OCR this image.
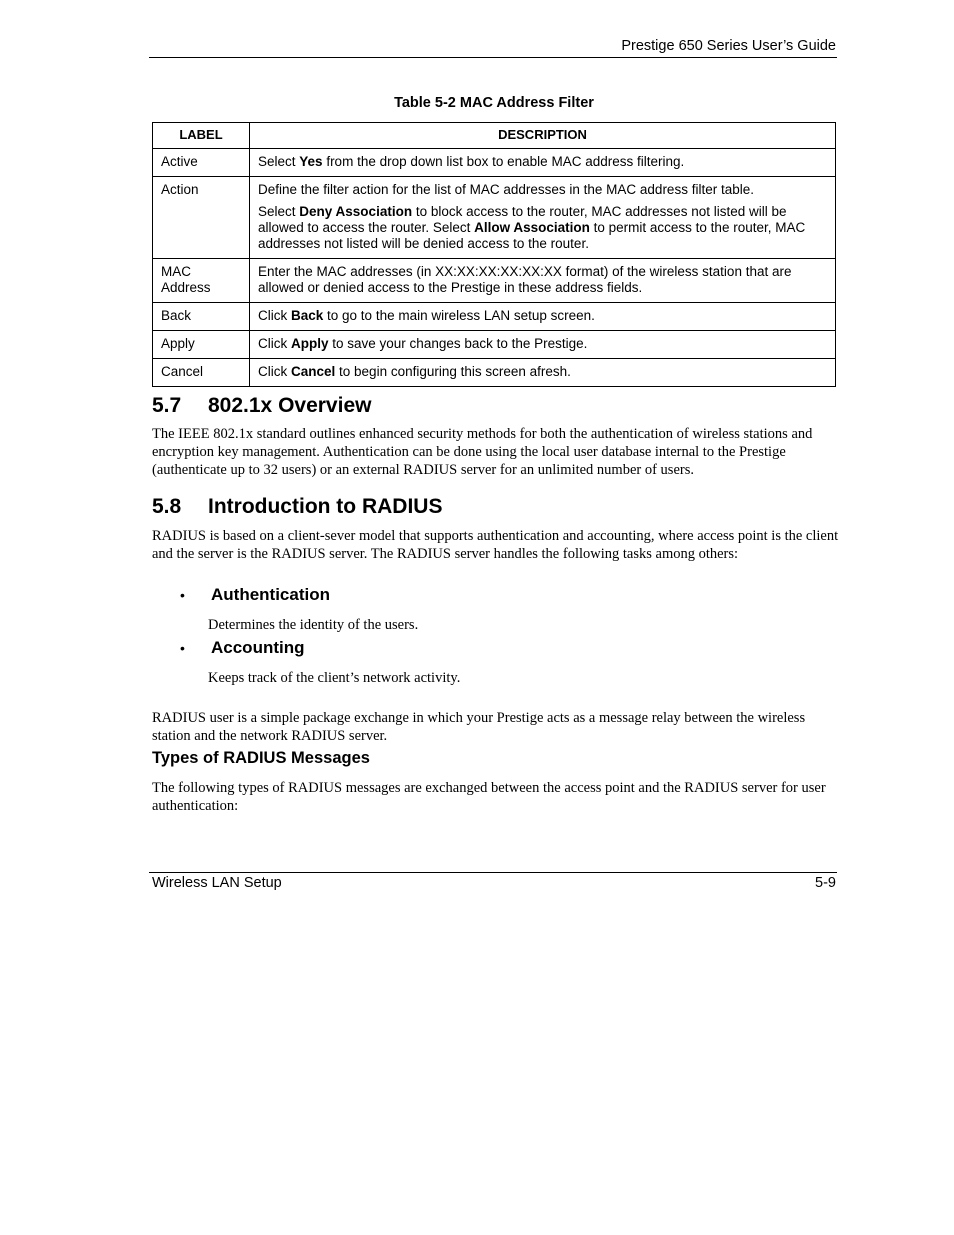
Prestige 650 Series User’s Guide
Table 5-2 MAC Address Filter
LABEL	DESCRIPTION
Active	Select Yes from the drop down list box to enable MAC address filtering.

Action	Define the filter action for the list of MAC addresses in the MAC address filter table.

Select Deny Association to block access to the router, MAC addresses not listed will be allowed to access the router. Select Allow Association to permit access to the router, MAC addresses not listed will be denied access to the router.

MAC Address	Enter the MAC addresses (in XX:XX:XX:XX:XX:XX format) of the wireless station that are allowed or denied access to the Prestige in these address fields.

Back	Click Back to go to the main wireless LAN setup screen.

Apply	Click Apply to save your changes back to the Prestige.

Cancel	Click Cancel to begin configuring this screen afresh.

5.7 802.1x Overview
The IEEE 802.1x standard outlines enhanced security methods for both the authentication of wireless stations and encryption key management. Authentication can be done using the local user database internal to the Prestige (authenticate up to 32 users) or an external RADIUS server for an unlimited number of users.
5.8 Introduction to RADIUS
RADIUS is based on a client-sever model that supports authentication and accounting, where access point is the client and the server is the RADIUS server. The RADIUS server handles the following tasks among others:
• Authentication
Determines the identity of the users.
• Accounting
Keeps track of the client’s network activity.
RADIUS user is a simple package exchange in which your Prestige acts as a message relay between the wireless station and the network RADIUS server.
Types of RADIUS Messages
The following types of RADIUS messages are exchanged between the access point and the RADIUS server for user authentication:
Wireless LAN Setup	5-9
